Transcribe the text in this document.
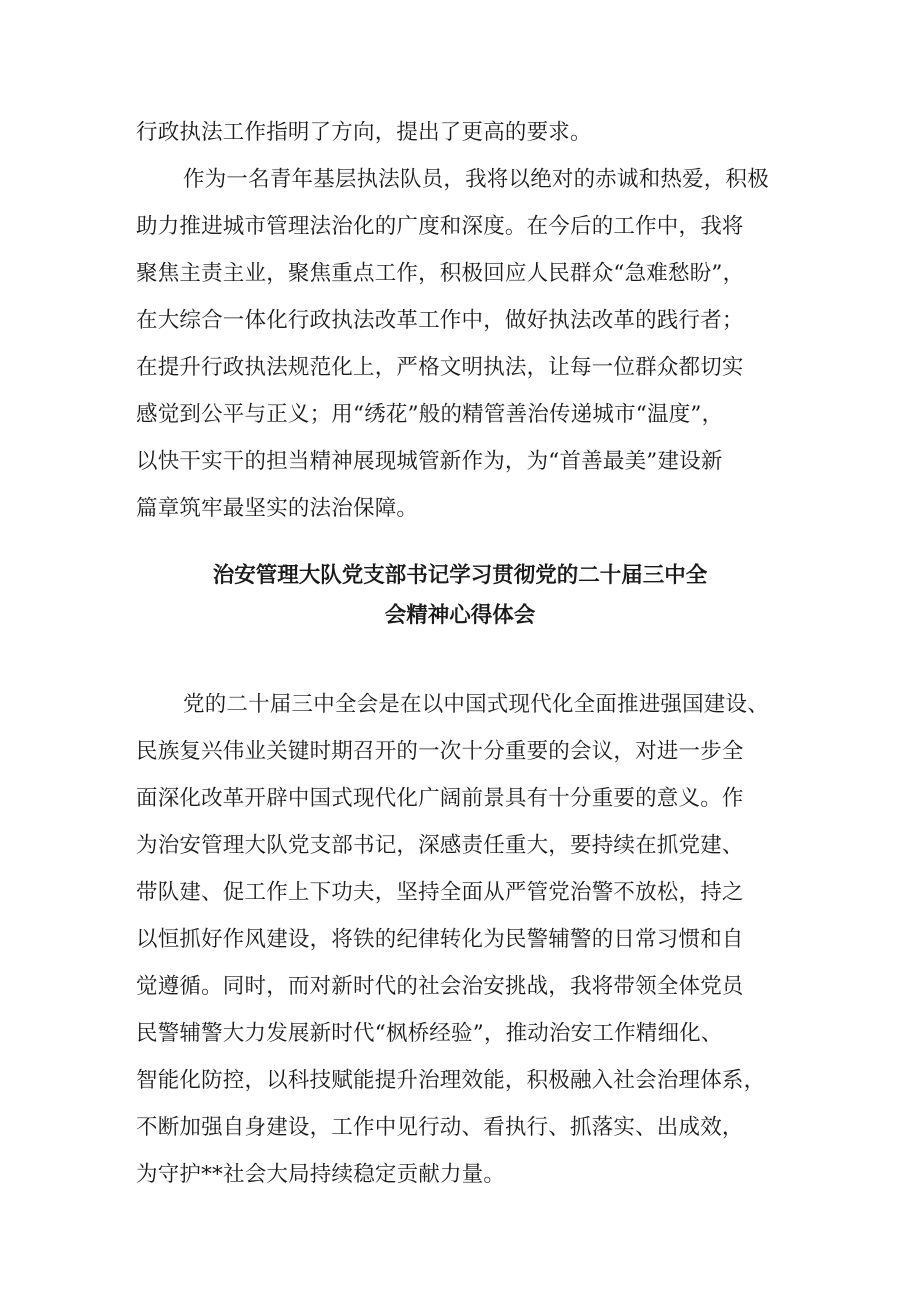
行政执法工作指明了方向，提出了更高的要求。
作为一名青年基层执法队员，我将以绝对的赤诚和热爱，积极
助力推进城市管理法治化的广度和深度。在今后的工作中，我将
聚焦主责主业，聚焦重点工作，积极回应人民群众“急难愁盼”，
在大综合一体化行政执法改革工作中，做好执法改革的践行者；
在提升行政执法规范化上，严格文明执法，让每一位群众都切实
感觉到公平与正义；用“绣花”般的精管善治传递城市“温度”，
以快干实干的担当精神展现城管新作为，为“首善最美”建设新
篇章筑牢最坚实的法治保障。
治安管理大队党支部书记学习贯彻党的二十届三中全
会精神心得体会
党的二十届三中全会是在以中国式现代化全面推进强国建设、
民族复兴伟业关键时期召开的一次十分重要的会议，对进一步全
面深化改革开辟中国式现代化广阔前景具有十分重要的意义。作
为治安管理大队党支部书记，深感责任重大，要持续在抓党建、
带队建、促工作上下功夫，坚持全面从严管党治警不放松，持之
以恒抓好作风建设，将铁的纪律转化为民警辅警的日常习惯和自
觉遵循。同时，而对新时代的社会治安挑战，我将带领全体党员
民警辅警大力发展新时代“枫桥经验”，推动治安工作精细化、
智能化防控，以科技赋能提升治理效能，积极融入社会治理体系，
不断加强自身建设，工作中见行动、看执行、抓落实、出成效，
为守护**社会大局持续稳定贡献力量。
